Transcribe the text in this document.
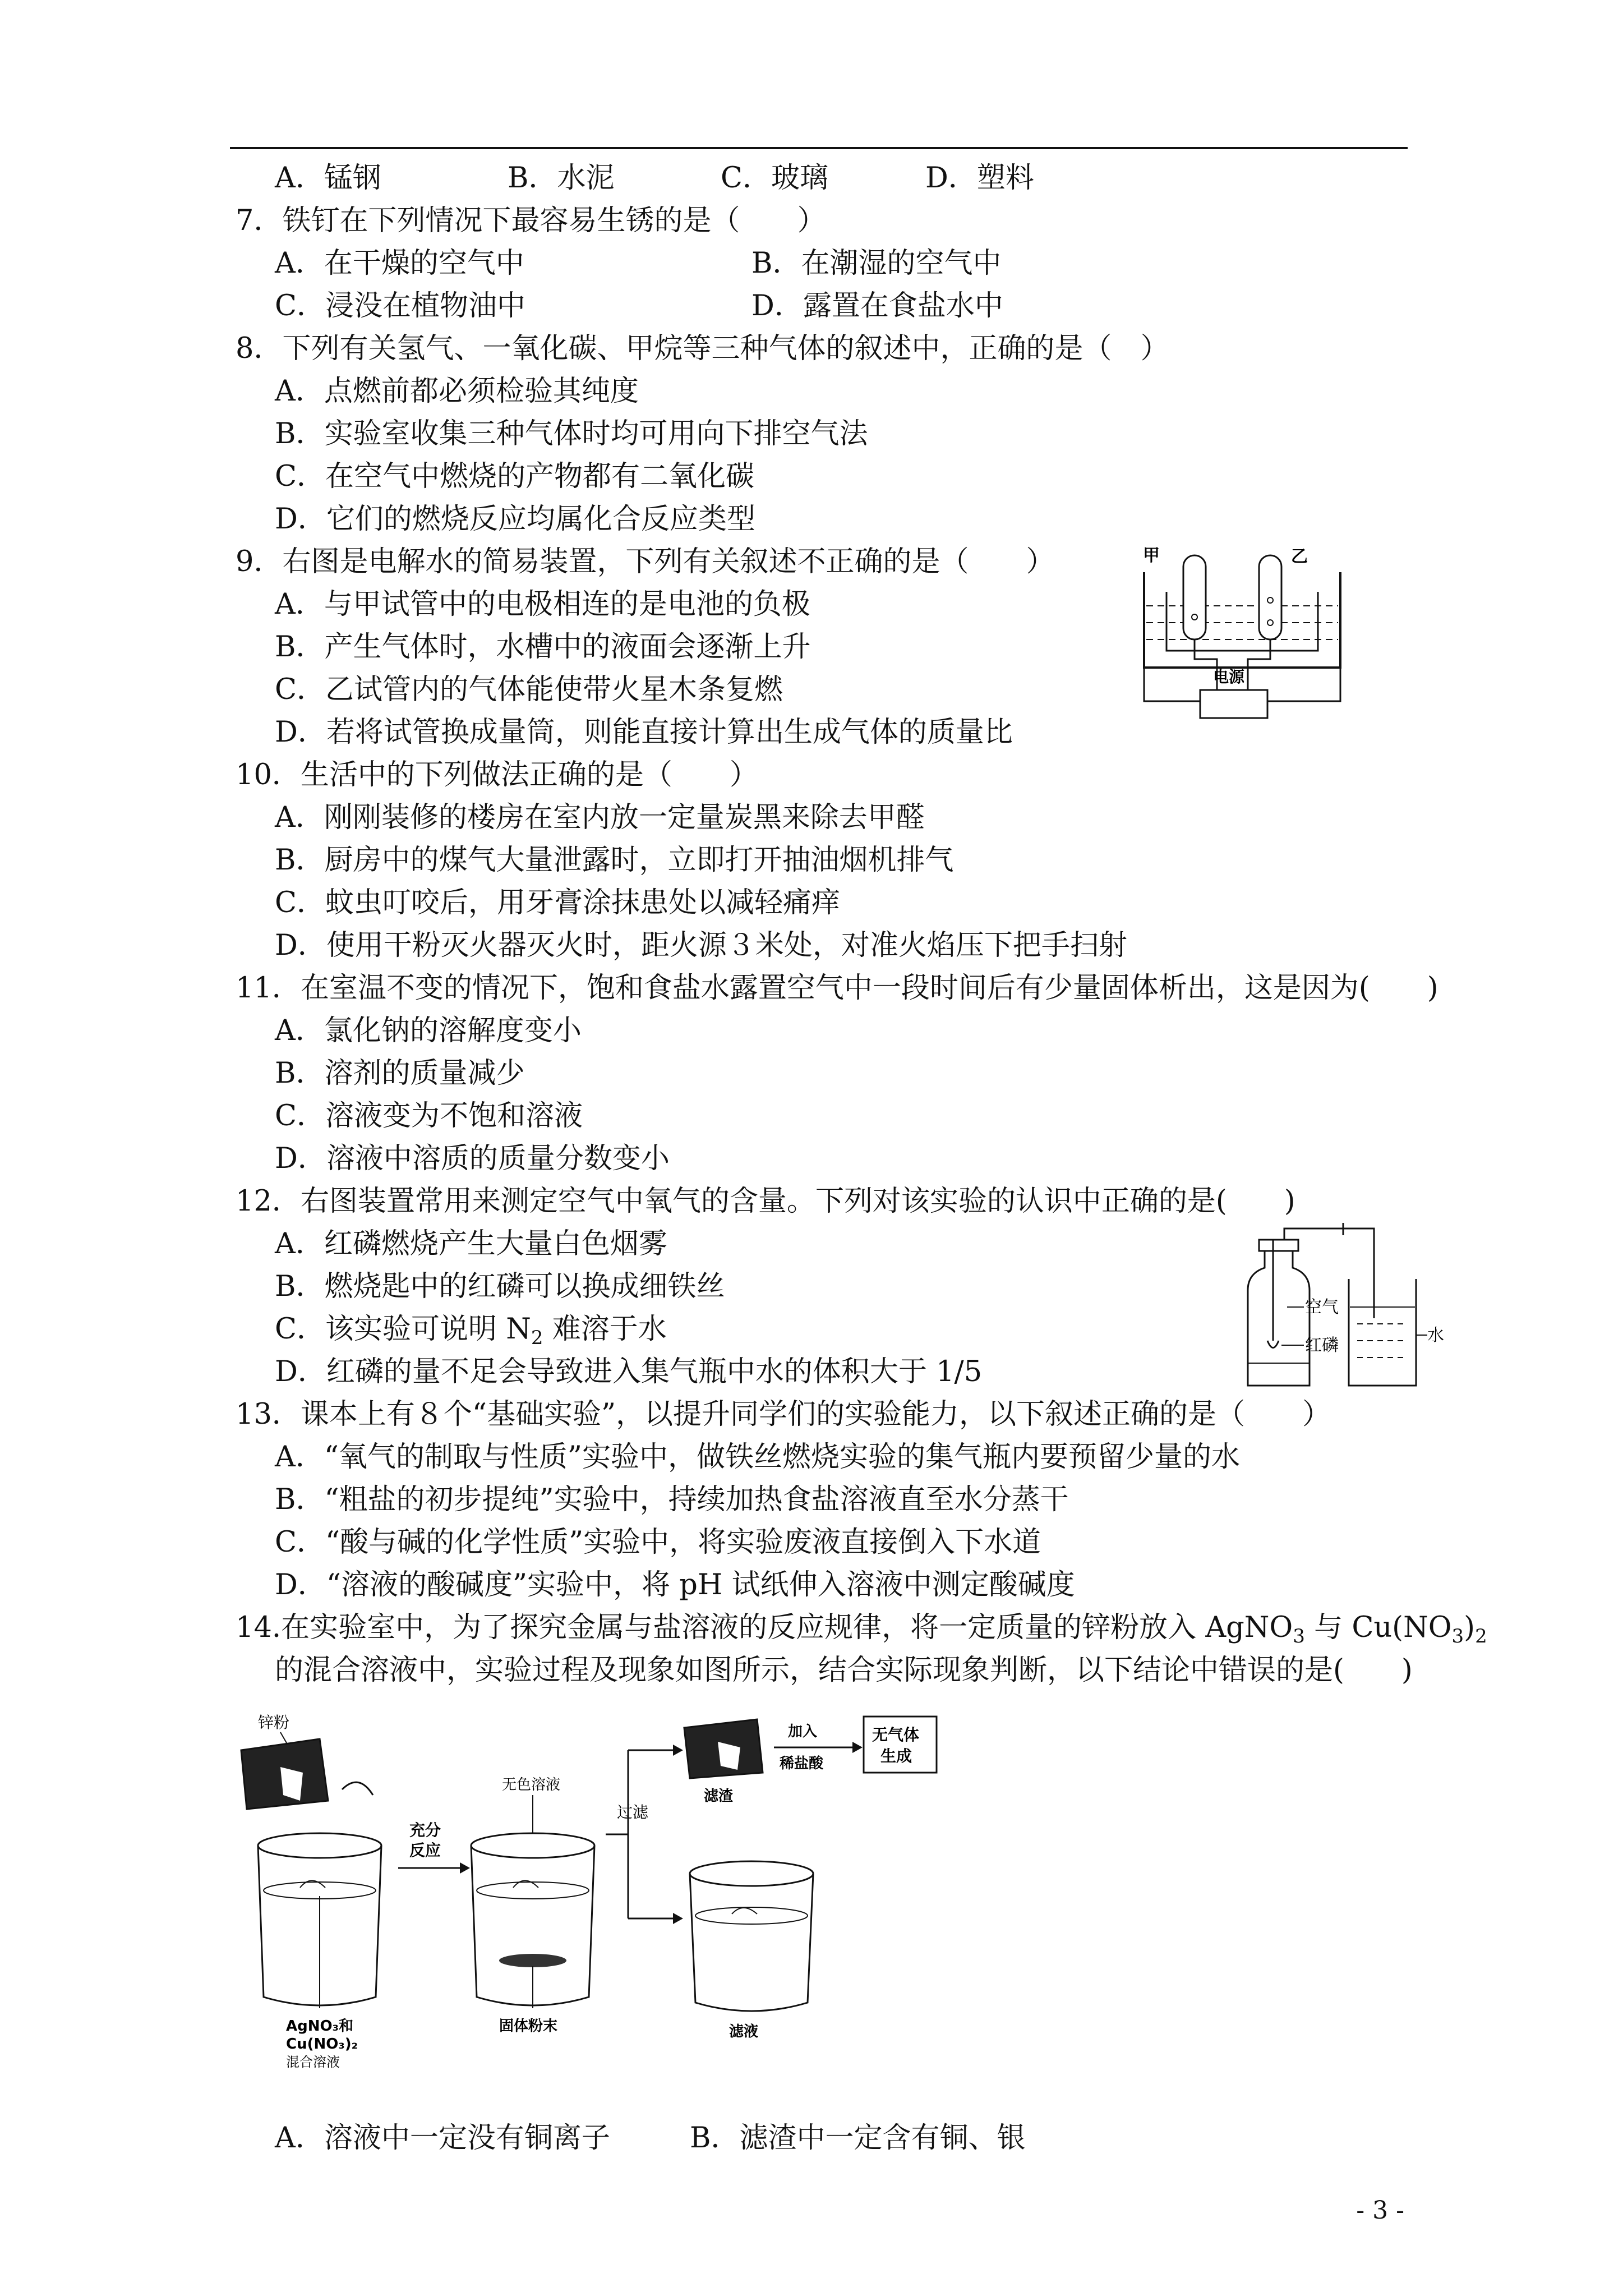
A．锰钢	B．水泥	C．玻璃	D．塑料
7．铁钉在下列情况下最容易生锈的是（　　）
A．在干燥的空气中	B．在潮湿的空气中
C．浸没在植物油中	D．露置在食盐水中
8．下列有关氢气、一氧化碳、甲烷等三种气体的叙述中，正确的是（　）
A．点燃前都必须检验其纯度
B．实验室收集三种气体时均可用向下排空气法
C．在空气中燃烧的产物都有二氧化碳
D．它们的燃烧反应均属化合反应类型
9．右图是电解水的简易装置，下列有关叙述不正确的是（　　）
A．与甲试管中的电极相连的是电池的负极
B．产生气体时，水槽中的液面会逐渐上升
C．乙试管内的气体能使带火星木条复燃
D．若将试管换成量筒，则能直接计算出生成气体的质量比
甲	乙
电源
10．生活中的下列做法正确的是（　　）
A．刚刚装修的楼房在室内放一定量炭黑来除去甲醛
B．厨房中的煤气大量泄露时，立即打开抽油烟机排气
C．蚊虫叮咬后，用牙膏涂抹患处以减轻痛痒
D．使用干粉灭火器灭火时，距火源３米处，对准火焰压下把手扫射
11．在室温不变的情况下，饱和食盐水露置空气中一段时间后有少量固体析出，这是因为(　　)
A．氯化钠的溶解度变小
B．溶剂的质量减少
C．溶液变为不饱和溶液
D．溶液中溶质的质量分数变小
12．右图装置常用来测定空气中氧气的含量。下列对该实验的认识中正确的是(　　)
A．红磷燃烧产生大量白色烟雾
B．燃烧匙中的红磷可以换成细铁丝
C．该实验可说明 $N_2$ 难溶于水
D．红磷的量不足会导致进入集气瓶中水的体积大于 1/5
空气
红磷
水
13．课本上有８个“基础实验”，以提升同学们的实验能力，以下叙述正确的是（　　）
A．“氧气的制取与性质”实验中，做铁丝燃烧实验的集气瓶内要预留少量的水
B．“粗盐的初步提纯”实验中，持续加热食盐溶液直至水分蒸干
C．“酸与碱的化学性质”实验中，将实验废液直接倒入下水道
D．“溶液的酸碱度”实验中，将 pH 试纸伸入溶液中测定酸碱度
14.在实验室中，为了探究金属与盐溶液的反应规律，将一定质量的锌粉放入 AgNO$_3$ 与 $Cu(NO_3)_2$
的混合溶液中，实验过程及现象如图所示，结合实际现象判断，以下结论中错误的是(　　)
锌粉
AgNO₃和
Cu(NO₃)₂
混合溶液
充分
反应
无色溶液
固体粉末
过滤
滤渣
加入
稀盐酸
无气体
生成
滤液
A．溶液中一定没有铜离子	B．滤渣中一定含有铜、银
- 3 -
